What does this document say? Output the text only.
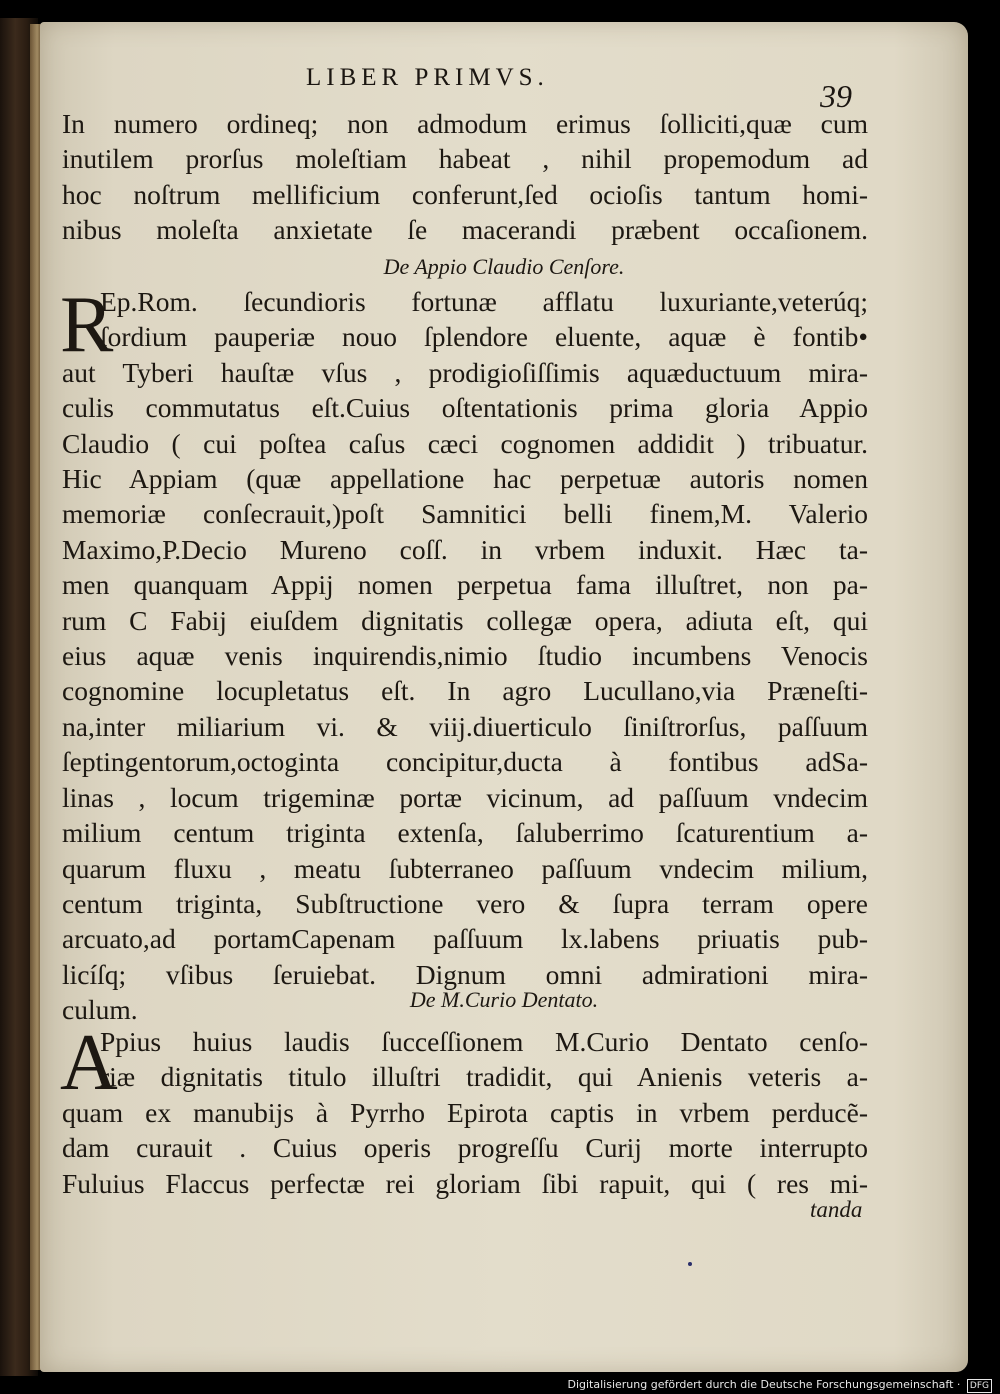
LIBER PRIMVS.
39
In numero ordineq; non admodum erimus ſolliciti,quæ cum
inutilem prorſus moleſtiam habeat , nihil propemodum ad
hoc noſtrum mellificium conferunt,ſed ocioſis tantum homi-
nibus moleſta anxietate ſe macerandi præbent occaſionem.
De Appio Claudio Cenſore.
R
Ep.Rom. ſecundioris fortunæ afflatu luxuriante,veterúq;
ſordium pauperiæ nouo ſplendore eluente, aquæ è fontib•
aut Tyberi hauſtæ vſus , prodigioſiſſimis aquæductuum mira-
culis commutatus eſt.Cuius oſtentationis prima gloria Appio
Claudio ( cui poſtea caſus cæci cognomen addidit ) tribuatur.
Hic Appiam (quæ appellatione hac perpetuæ autoris nomen
memoriæ conſecrauit,)poſt Samnitici belli finem,M. Valerio
Maximo,P.Decio Mureno coſſ. in vrbem induxit. Hæc ta-
men quanquam Appij nomen perpetua fama illuſtret, non pa-
rum C Fabij eiuſdem dignitatis collegæ opera, adiuta eſt, qui
eius aquæ venis inquirendis,nimio ſtudio incumbens Venocis
cognomine locupletatus eſt. In agro Lucullano,via Præneſti-
na,inter miliarium vi. & viij.diuerticulo ſiniſtrorſus, paſſuum
ſeptingentorum,octoginta concipitur,ducta à fontibus adSa-
linas , locum trigeminæ portæ vicinum, ad paſſuum vndecim
milium centum triginta extenſa, ſaluberrimo ſcaturentium a-
quarum fluxu , meatu ſubterraneo paſſuum vndecim milium,
centum triginta, Subſtructione vero & ſupra terram opere
arcuato,ad portamCapenam paſſuum lx.labens priuatis pub-
licíſq; vſibus ſeruiebat. Dignum omni admirationi mira-
culum.	De M.Curio Dentato.
A
Ppius huius laudis ſucceſſionem M.Curio Dentato cenſo-
riæ dignitatis titulo illuſtri tradidit, qui Anienis veteris a-
quam ex manubijs à Pyrrho Epirota captis in vrbem perducẽ-
dam curauit . Cuius operis progreſſu Curij morte interrupto
Fuluius Flaccus perfectæ rei gloriam ſibi rapuit, qui ( res mi-
tanda
Digitalisierung gefördert durch die Deutsche Forschungsgemeinschaft · DFG
